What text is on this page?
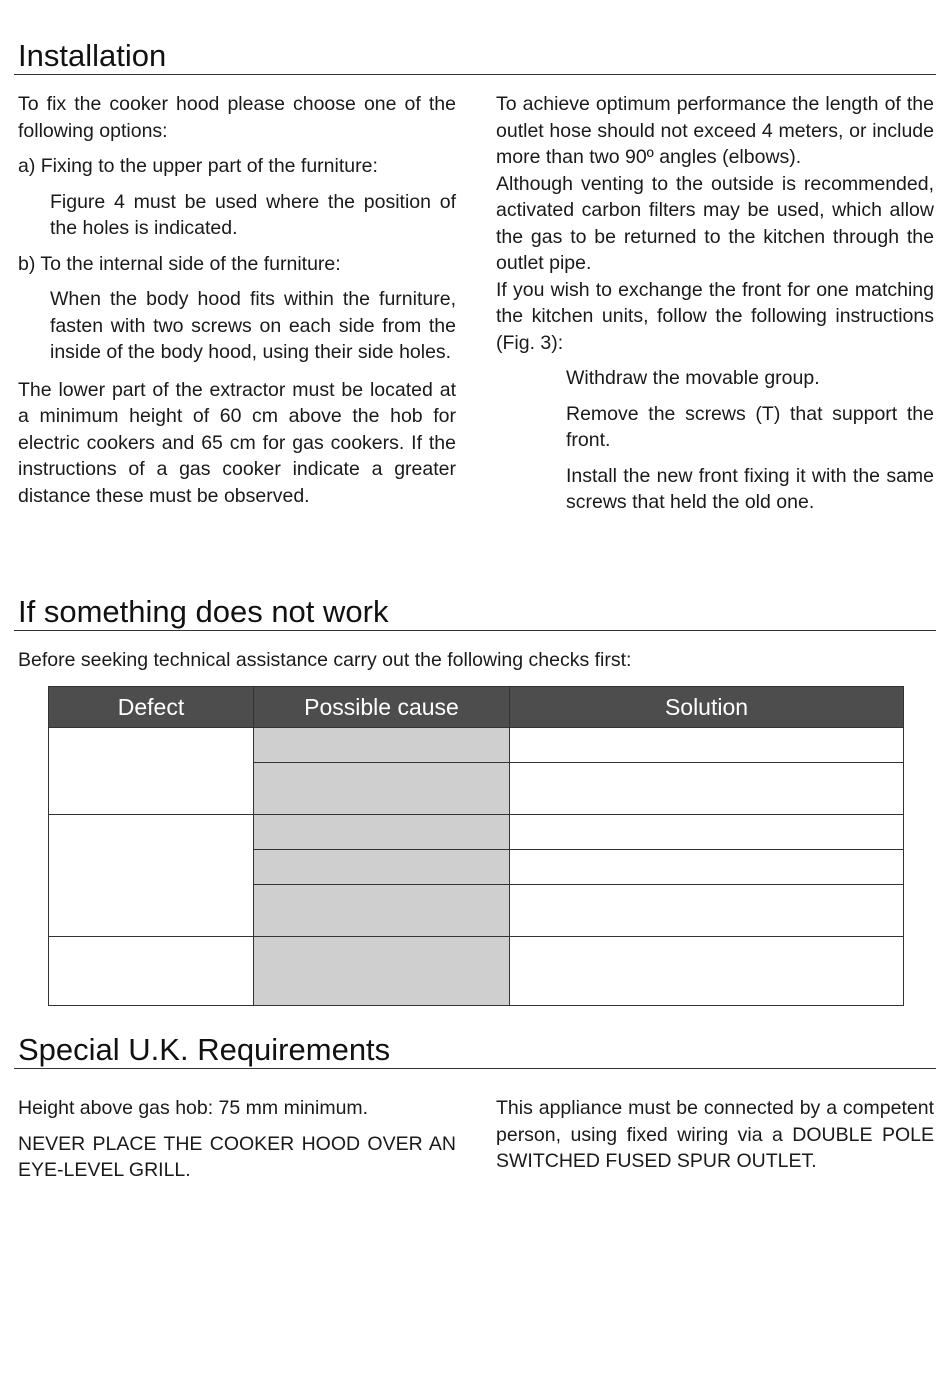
Installation

To fix the cooker hood please choose one of the following options:

a) Fixing to the upper part of the furniture:

Figure 4 must be used where the position of the holes is indicated.

b) To the internal side of the furniture:

When the body hood fits within the furniture, fasten with two screws on each side from the inside of the body hood, using their side holes.

The lower part of the extractor must be located at a minimum height of 60 cm above the hob for electric cookers and 65 cm for gas cookers. If the instructions of a gas cooker indicate a greater distance these must be observed.

To achieve optimum performance the length of the outlet hose should not exceed 4 meters, or include more than two 90º angles (elbows).

Although venting to the outside is recommended, activated carbon filters may be used, which allow the gas to be returned to the kitchen through the outlet pipe.

If you wish to exchange the front for one matching the kitchen units, follow the following instructions (Fig. 3):

Withdraw the movable group.

Remove the screws (T) that support the front.

Install the new front fixing it with the same screws that held the old one.

If something does not work

Before seeking technical assistance carry out the following checks first:

Defect	Possible cause	Solution

Special U.K. Requirements

Height above gas hob: 75 mm minimum.

NEVER PLACE THE COOKER HOOD OVER AN EYE-LEVEL GRILL.

This appliance must be connected by a competent person, using fixed wiring via a DOUBLE POLE SWITCHED FUSED SPUR OUTLET.
